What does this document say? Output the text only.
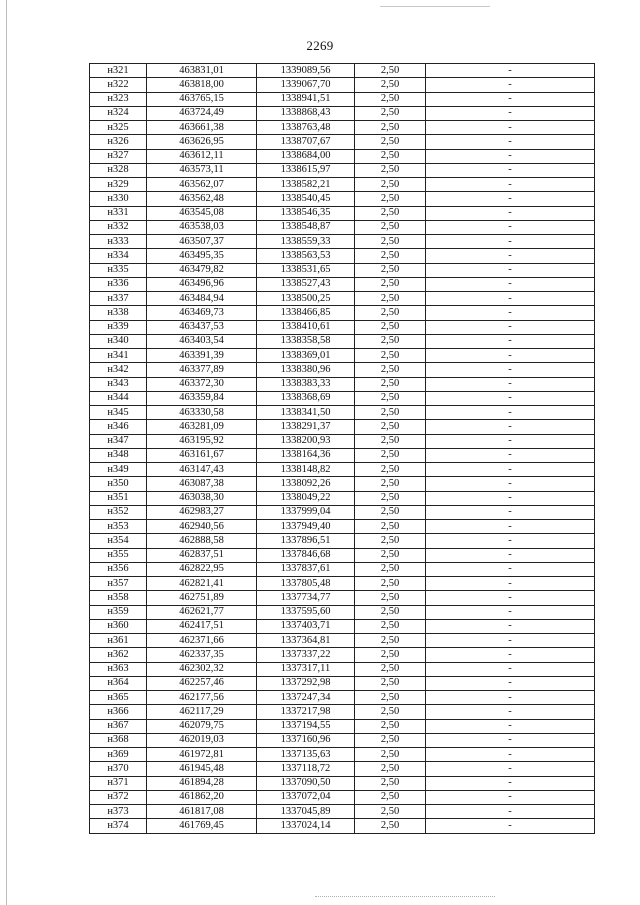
2269
н321	463831,01	1339089,56	2,50	-
н322	463818,00	1339067,70	2,50	-
н323	463765,15	1338941,51	2,50	-
н324	463724,49	1338868,43	2,50	-
н325	463661,38	1338763,48	2,50	-
н326	463626,95	1338707,67	2,50	-
н327	463612,11	1338684,00	2,50	-
н328	463573,11	1338615,97	2,50	-
н329	463562,07	1338582,21	2,50	-
н330	463562,48	1338540,45	2,50	-
н331	463545,08	1338546,35	2,50	-
н332	463538,03	1338548,87	2,50	-
н333	463507,37	1338559,33	2,50	-
н334	463495,35	1338563,53	2,50	-
н335	463479,82	1338531,65	2,50	-
н336	463496,96	1338527,43	2,50	-
н337	463484,94	1338500,25	2,50	-
н338	463469,73	1338466,85	2,50	-
н339	463437,53	1338410,61	2,50	-
н340	463403,54	1338358,58	2,50	-
н341	463391,39	1338369,01	2,50	-
н342	463377,89	1338380,96	2,50	-
н343	463372,30	1338383,33	2,50	-
н344	463359,84	1338368,69	2,50	-
н345	463330,58	1338341,50	2,50	-
н346	463281,09	1338291,37	2,50	-
н347	463195,92	1338200,93	2,50	-
н348	463161,67	1338164,36	2,50	-
н349	463147,43	1338148,82	2,50	-
н350	463087,38	1338092,26	2,50	-
н351	463038,30	1338049,22	2,50	-
н352	462983,27	1337999,04	2,50	-
н353	462940,56	1337949,40	2,50	-
н354	462888,58	1337896,51	2,50	-
н355	462837,51	1337846,68	2,50	-
н356	462822,95	1337837,61	2,50	-
н357	462821,41	1337805,48	2,50	-
н358	462751,89	1337734,77	2,50	-
н359	462621,77	1337595,60	2,50	-
н360	462417,51	1337403,71	2,50	-
н361	462371,66	1337364,81	2,50	-
н362	462337,35	1337337,22	2,50	-
н363	462302,32	1337317,11	2,50	-
н364	462257,46	1337292,98	2,50	-
н365	462177,56	1337247,34	2,50	-
н366	462117,29	1337217,98	2,50	-
н367	462079,75	1337194,55	2,50	-
н368	462019,03	1337160,96	2,50	-
н369	461972,81	1337135,63	2,50	-
н370	461945,48	1337118,72	2,50	-
н371	461894,28	1337090,50	2,50	-
н372	461862,20	1337072,04	2,50	-
н373	461817,08	1337045,89	2,50	-
н374	461769,45	1337024,14	2,50	-
